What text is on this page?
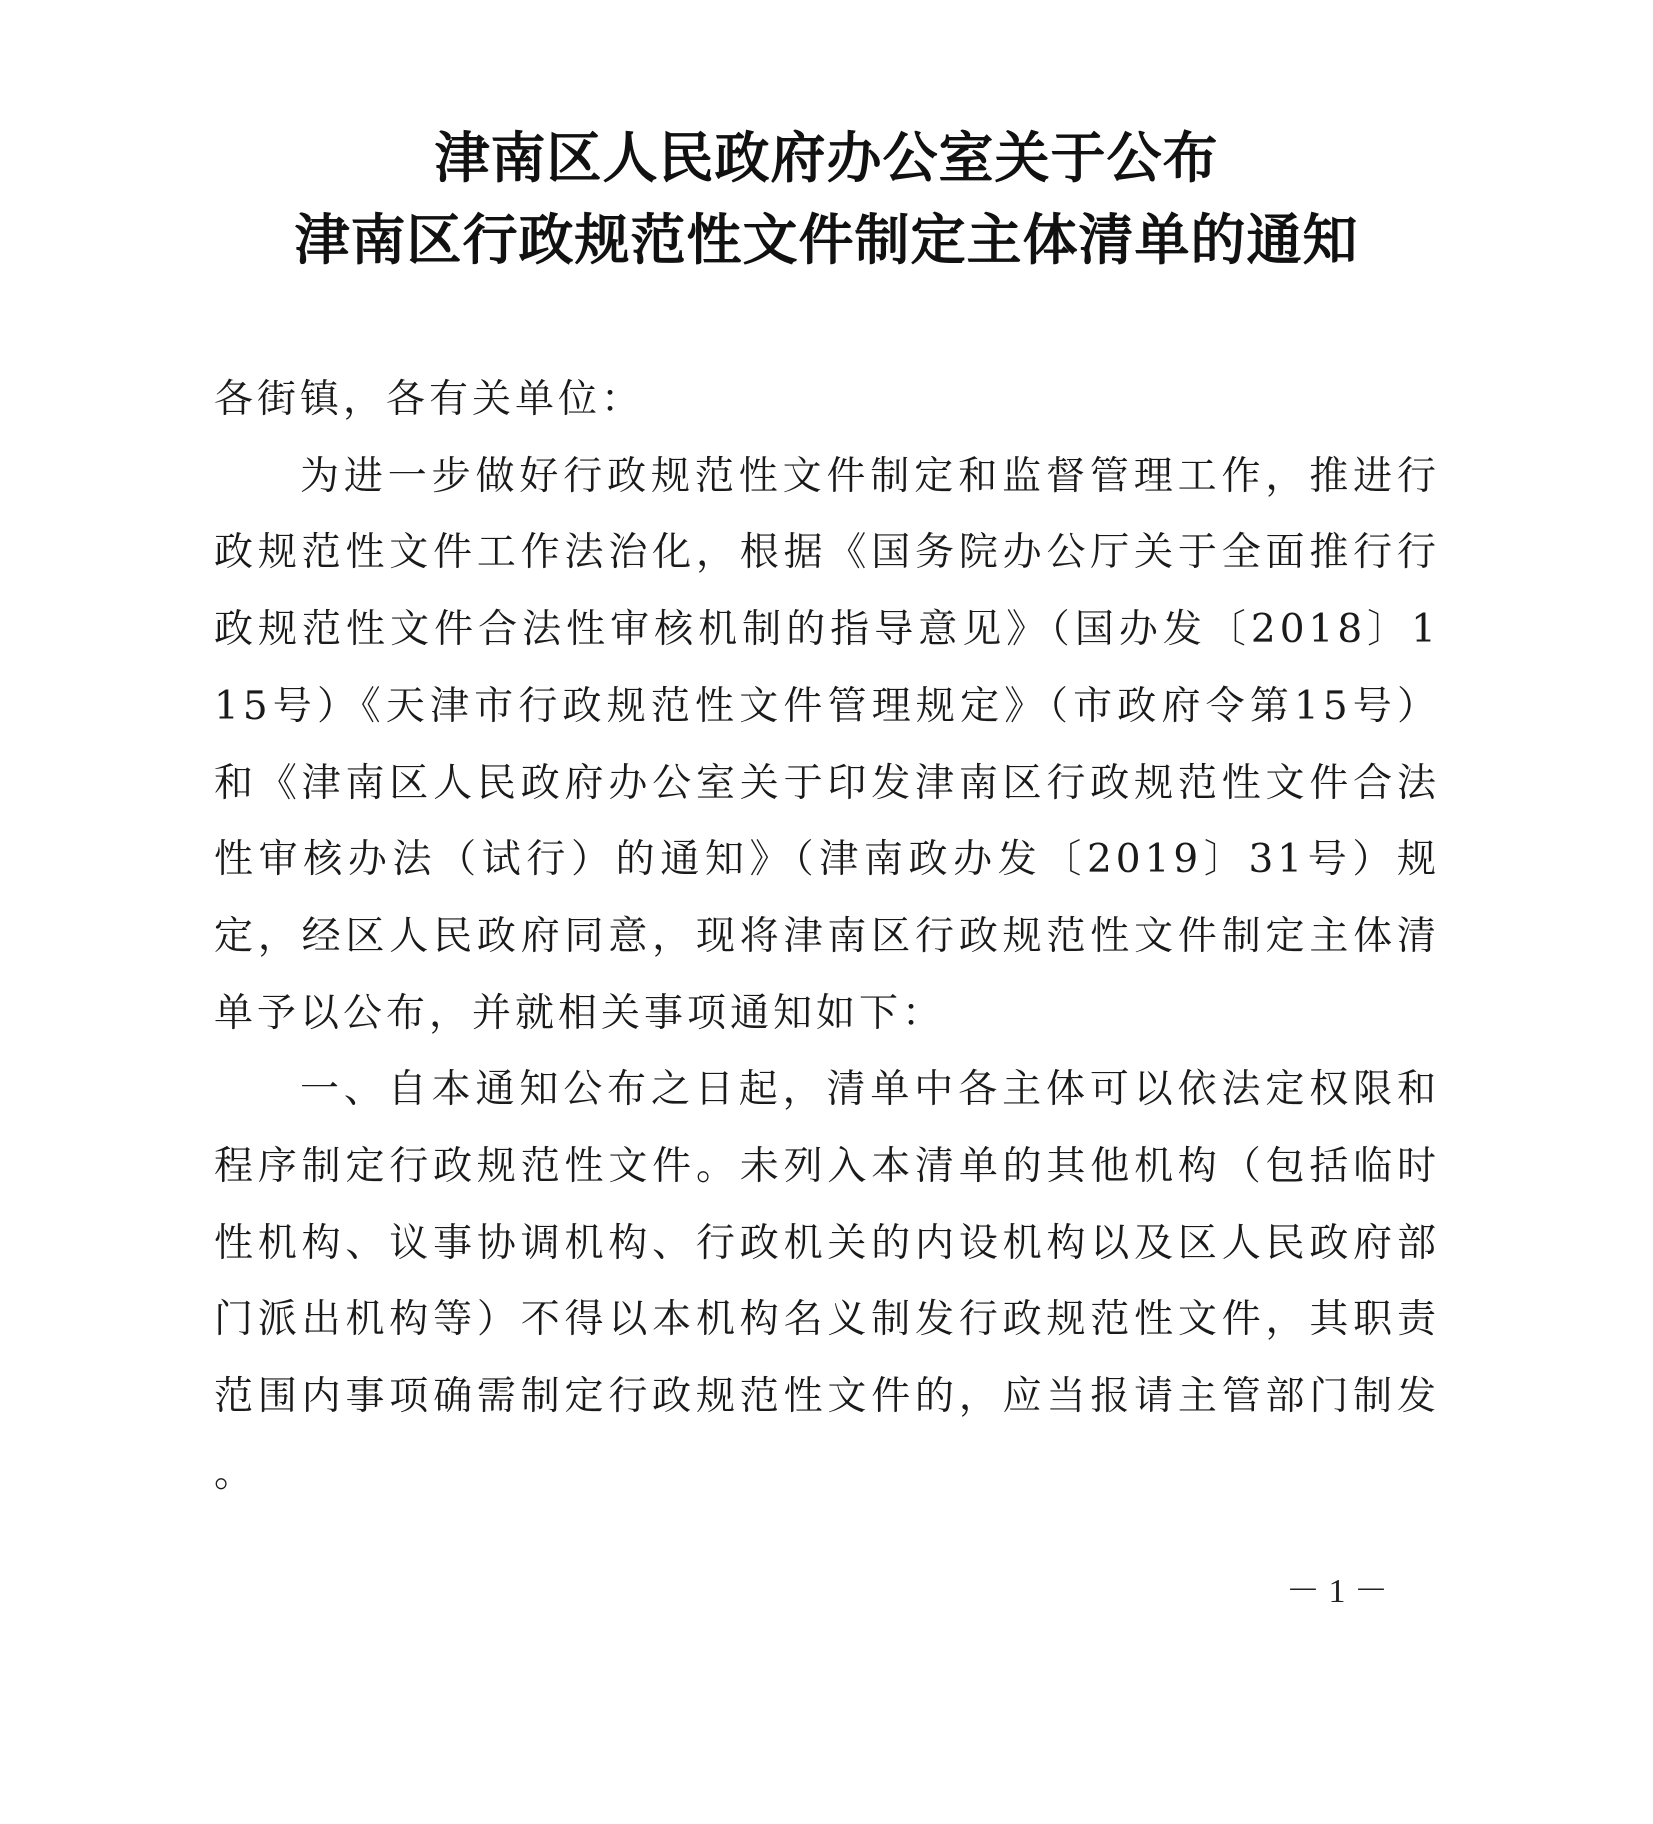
津南区人民政府办公室关于公布
津南区行政规范性文件制定主体清单的通知

各街镇，各有关单位：

为进一步做好行政规范性文件制定和监督管理工作，推进行政规范性文件工作法治化，根据《国务院办公厅关于全面推行行政规范性文件合法性审核机制的指导意见》（国办发〔2018〕115号）《天津市行政规范性文件管理规定》（市政府令第15号）和《津南区人民政府办公室关于印发津南区行政规范性文件合法性审核办法（试行）的通知》（津南政办发〔2019〕31号）规定，经区人民政府同意，现将津南区行政规范性文件制定主体清单予以公布，并就相关事项通知如下：

一、自本通知公布之日起，清单中各主体可以依法定权限和程序制定行政规范性文件。未列入本清单的其他机构（包括临时性机构、议事协调机构、行政机关的内设机构以及区人民政府部门派出机构等）不得以本机构名义制发行政规范性文件，其职责范围内事项确需制定行政规范性文件的，应当报请主管部门制发。

－ 1 －
